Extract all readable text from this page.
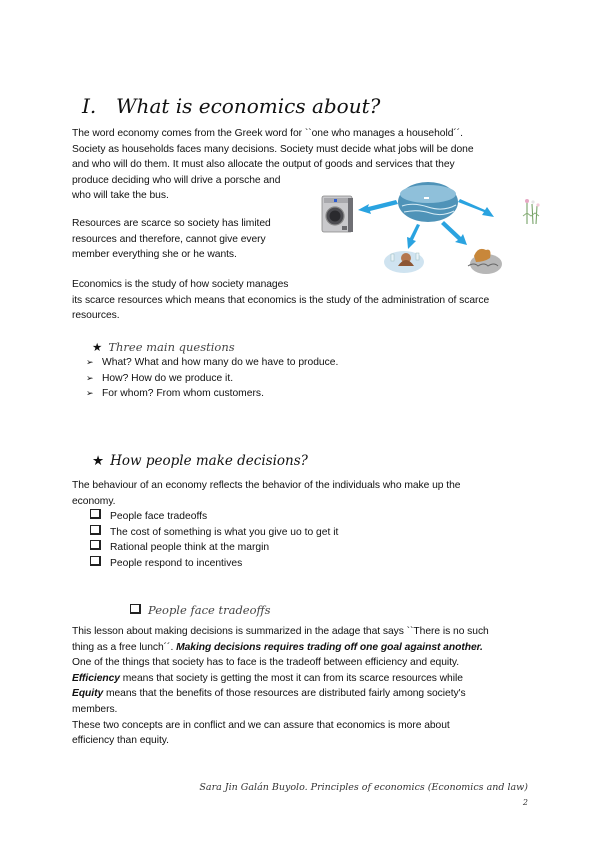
I. What is economics about?
The word economy comes from the Greek word for ``one who manages a household´´.
Society as households faces many decisions. Society must decide what jobs will be done
and who will do them. It must also allocate the output of goods and services that they
produce deciding who will drive a porsche and
who will take the bus.
Resources are scarce so society has limited
resources and therefore, cannot give every
member everything she or he wants.
Economics is the study of how society manages
its scarce resources which means that economics is the study of the administration of scarce
resources.
★ Three main questions
➢ What? What and how many do we have to produce.
➢ How? How do we produce it.
➢ For whom? From whom customers.
★ How people make decisions?
The behaviour of an economy reflects the behavior of the individuals who make up the
economy.
People face tradeoffs
The cost of something is what you give uo to get it
Rational people think at the margin
People respond to incentives
People face tradeoffs
This lesson about making decisions is summarized in the adage that says ``There is no such
thing as a free lunch´´. Making decisions requires trading off one goal against another.
One of the things that society has to face is the tradeoff between efficiency and equity.
Efficiency means that society is getting the most it can from its scarce resources while
Equity means that the benefits of those resources are distributed fairly among society's
members.
These two concepts are in conflict and we can assure that economics is more about
efficiency than equity.
Sara Jin Galán Buyolo. Principles of economics (Economics and law)
2
